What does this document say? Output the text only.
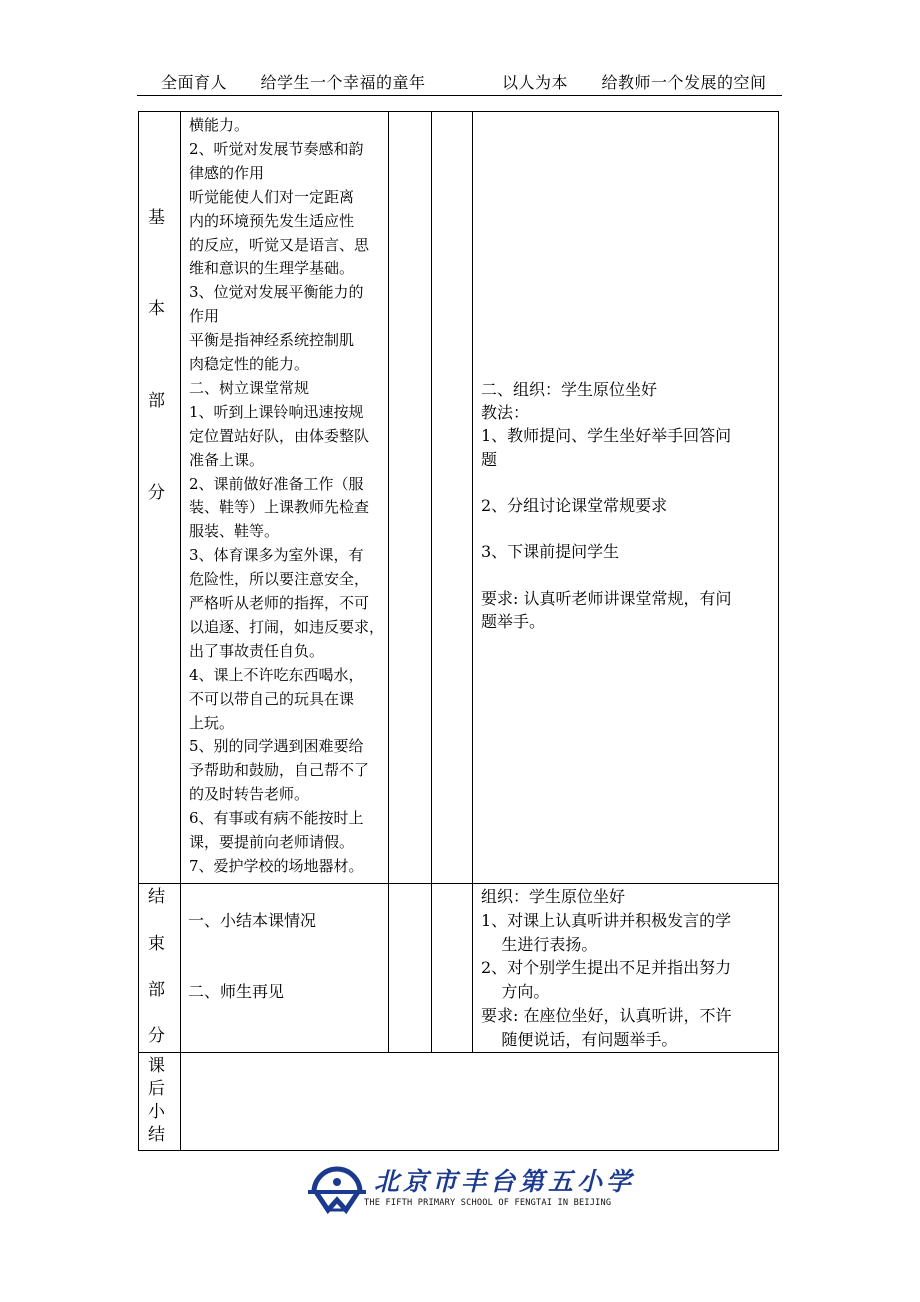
全面育人      给学生一个幸福的童年	以人为本      给教师一个发展的空间
基
本
部
分
横能力。
2、听觉对发展节奏感和韵
律感的作用
听觉能使人们对一定距离
内的环境预先发生适应性
的反应，听觉又是语言、思
维和意识的生理学基础。
3、位觉对发展平衡能力的
作用
平衡是指神经系统控制肌
肉稳定性的能力。
二、树立课堂常规
1、听到上课铃响迅速按规
定位置站好队，由体委整队
准备上课。
2、课前做好准备工作（服
装、鞋等）上课教师先检查
服装、鞋等。
3、体育课多为室外课，有
危险性，所以要注意安全，
严格听从老师的指挥，不可
以追逐、打闹，如违反要求，
出了事故责任自负。
4、课上不许吃东西喝水，
不可以带自己的玩具在课
上玩。
5、别的同学遇到困难要给
予帮助和鼓励，自己帮不了
的及时转告老师。
6、有事或有病不能按时上
课，要提前向老师请假。
7、爱护学校的场地器材。
二、组织：学生原位坐好
教法：
1、教师提问、学生坐好举手回答问
题
2、分组讨论课堂常规要求
3、下课前提问学生
要求: 认真听老师讲课堂常规，有问
题举手。
结
束
部
分
一、小结本课情况
二、师生再见
组织：学生原位坐好
1、对课上认真听讲并积极发言的学
生进行表扬。
2、对个别学生提出不足并指出努力
方向。
要求: 在座位坐好，认真听讲，不许
随便说话，有问题举手。
课
后
小
结
北京市丰台第五小学
THE FIFTH PRIMARY SCHOOL OF FENGTAI IN BEIJING
